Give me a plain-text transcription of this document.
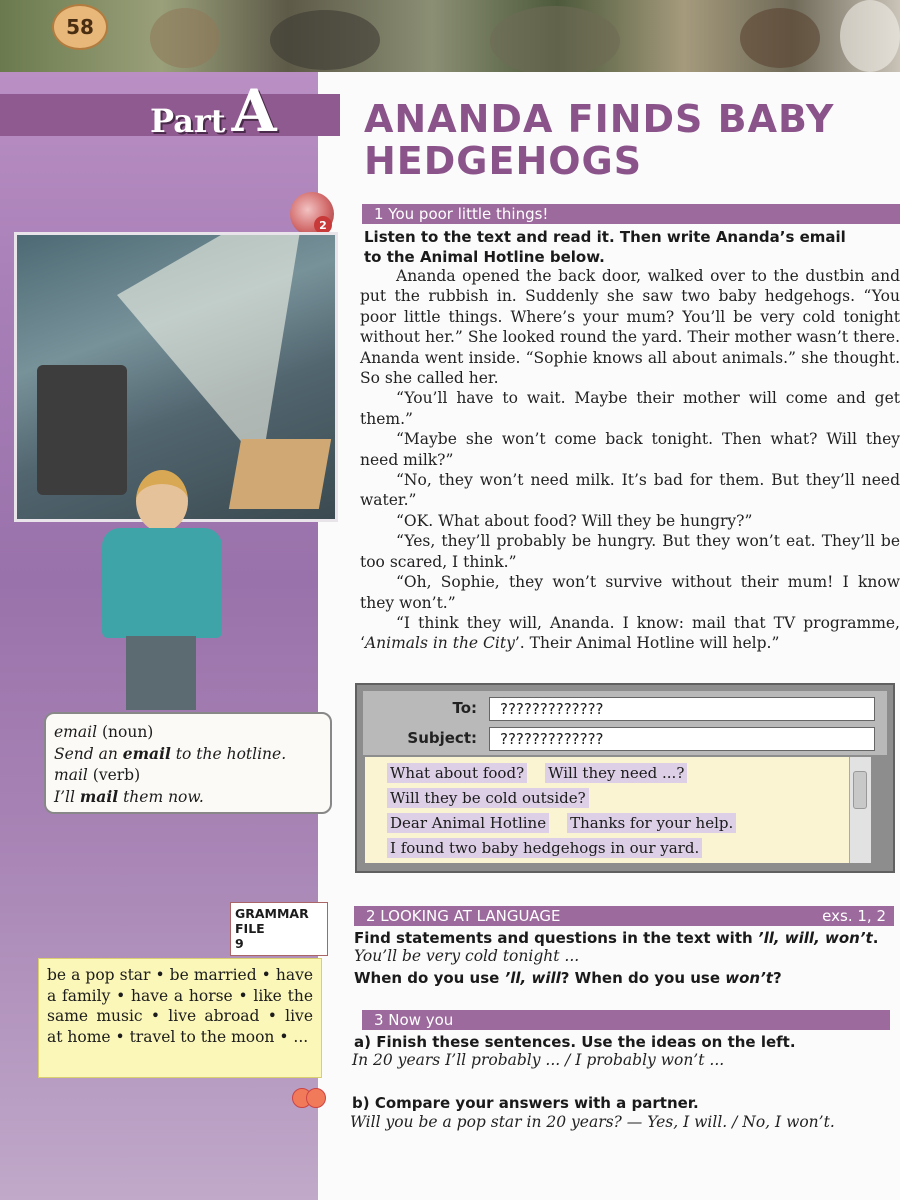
58
Part A ANANDA FINDS BABY HEDGEHOGS
2
1 You poor little things!
Listen to the text and read it. Then write Ananda’s email to the Animal Hotline below.

Ananda opened the back door, walked over to the dustbin and put the rubbish in. Suddenly she saw two baby hedgehogs. “You poor little things. Where’s your mum? You’ll be very cold tonight without her.” She looked round the yard. Their mother wasn’t there. Ananda went inside. “Sophie knows all about animals.” she thought. So she called her.

“You’ll have to wait. Maybe their mother will come and get them.”

“Maybe she won’t come back tonight. Then what? Will they need milk?”

“No, they won’t need milk. It’s bad for them. But they’ll need water.”

“OK. What about food? Will they be hungry?”

“Yes, they’ll probably be hungry. But they won’t eat. They’ll be too scared, I think.”

“Oh, Sophie, they won’t survive without their mum! I know they won’t.”

“I think they will, Ananda. I know: mail that TV programme, ‘Animals in the City’. Their Animal Hotline will help.”

email (noun)
Send an email to the hotline.
mail (verb)
I’ll mail them now.
To:	?????????????
Subject:	?????????????
What about food? Will they need ...?
Will they be cold outside?
Dear Animal Hotline Thanks for your help.
I found two baby hedgehogs in our yard.
GRAMMAR
FILE
9
2 LOOKING AT LANGUAGE	exs. 1, 2
Find statements and questions in the text with ’ll, will, won’t.
You’ll be very cold tonight ...
When do you use ’ll, will? When do you use won’t?
be a pop star • be married • have a family • have a horse • like the same music • live abroad • live at home • travel to the moon • ...
3 Now you
a) Finish these sentences. Use the ideas on the left.
In 20 years I’ll probably ... / I probably won’t ...
b) Compare your answers with a partner.
Will you be a pop star in 20 years? — Yes, I will. / No, I won’t.
